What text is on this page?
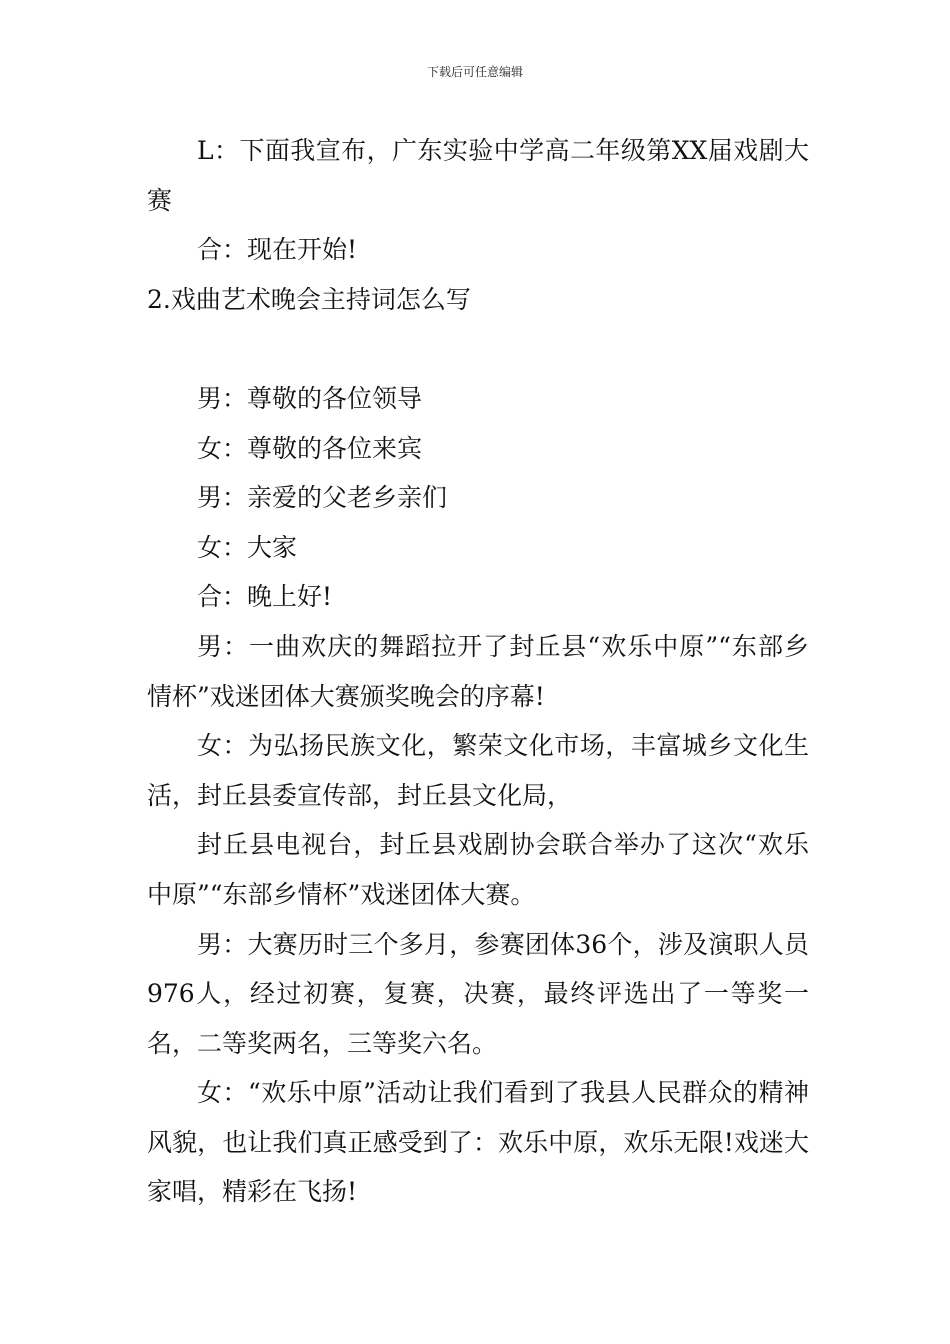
下载后可任意编辑

L：下面我宣布，广东实验中学高二年级第XX届戏剧大赛

合：现在开始!

2.戏曲艺术晚会主持词怎么写

男：尊敬的各位领导

女：尊敬的各位来宾

男：亲爱的父老乡亲们

女：大家

合：晚上好!

男：一曲欢庆的舞蹈拉开了封丘县“欢乐中原”“东部乡情杯”戏迷团体大赛颁奖晚会的序幕!

女：为弘扬民族文化，繁荣文化市场，丰富城乡文化生活，封丘县委宣传部，封丘县文化局，

封丘县电视台，封丘县戏剧协会联合举办了这次“欢乐中原”“东部乡情杯”戏迷团体大赛。

男：大赛历时三个多月，参赛团体36个，涉及演职人员976人，经过初赛，复赛，决赛，最终评选出了一等奖一名，二等奖两名，三等奖六名。

女：“欢乐中原”活动让我们看到了我县人民群众的精神风貌，也让我们真正感受到了：欢乐中原，欢乐无限!戏迷大家唱，精彩在飞扬!
